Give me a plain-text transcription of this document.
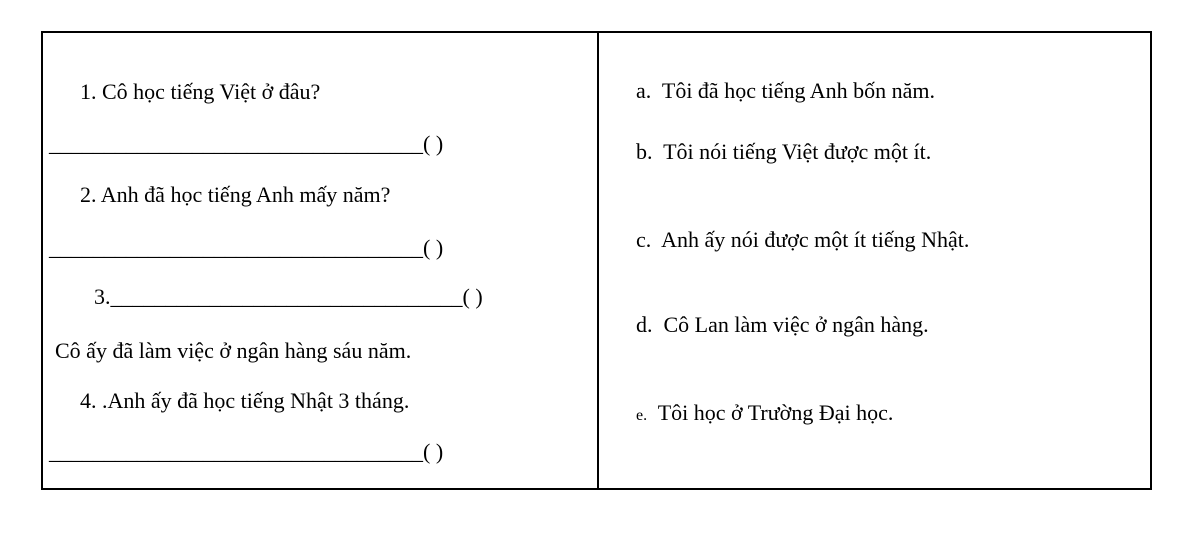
1. Cô học tiếng Việt ở đâu?
__________________________________( )
2. Anh đã học tiếng Anh mấy năm?
__________________________________( )
3.________________________________( )
Cô ấy đã làm việc ở ngân hàng sáu năm.
4. .Anh ấy đã học tiếng Nhật 3 tháng.
__________________________________( )
a. Tôi đã học tiếng Anh bốn năm.
b. Tôi nói tiếng Việt được một ít.
c. Anh ấy nói được một ít tiếng Nhật.
d. Cô Lan làm việc ở ngân hàng.
e. Tôi học ở Trường Đại học.
